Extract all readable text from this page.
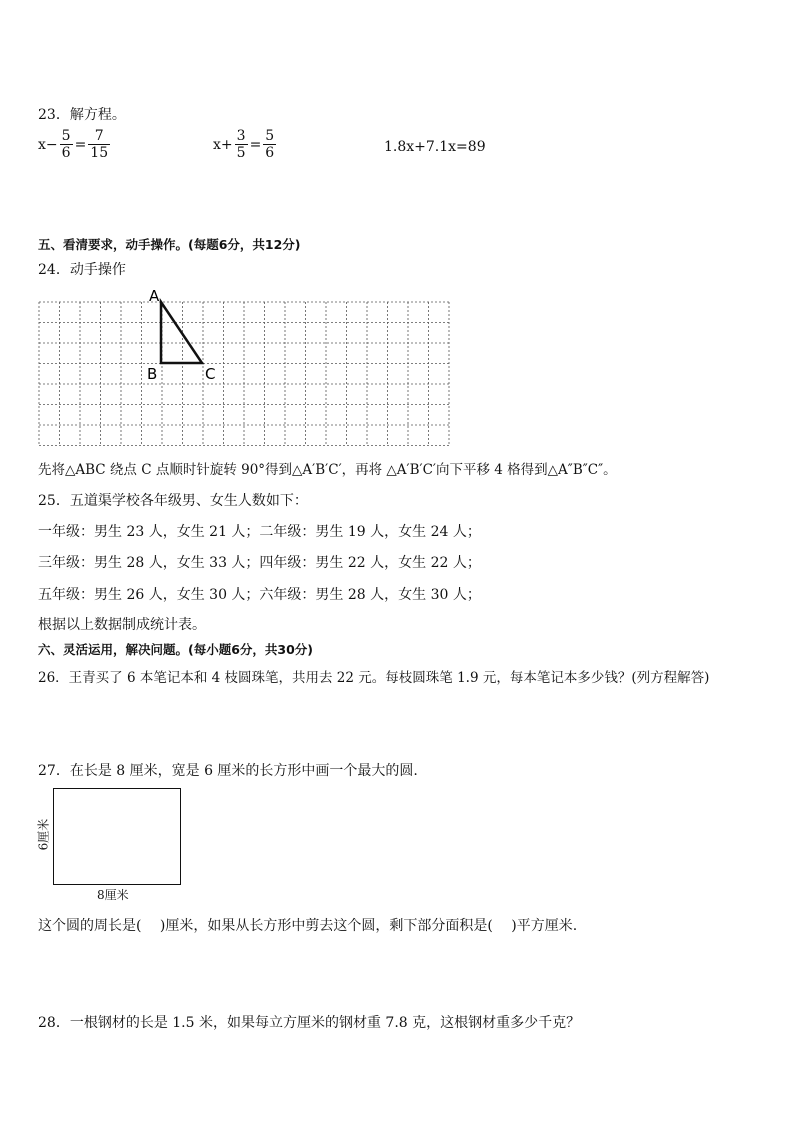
23．解方程。
$x- \frac{5}{6} = \frac{7}{15}$	$x+ \frac{3}{5} = \frac{5}{6}$	1.8x+7.1x=89
五、看清要求，动手操作。(每题6分，共12分)
24．动手操作
A
B	C
先将△ABC 绕点 C 点顺时针旋转 90°得到△A′B′C′，再将 △A′B′C′向下平移 4 格得到△A″B″C″。
25．五道渠学校各年级男、女生人数如下：
一年级：男生 23 人，女生 21 人；二年级：男生 19 人，女生 24 人；
三年级：男生 28 人，女生 33 人；四年级：男生 22 人，女生 22 人；
五年级：男生 26 人，女生 30 人；六年级：男生 28 人，女生 30 人；
根据以上数据制成统计表。
六、灵活运用，解决问题。(每小题6分，共30分)
26．王青买了 6 本笔记本和 4 枝圆珠笔，共用去 22 元。每枝圆珠笔 1.9 元，每本笔记本多少钱？(列方程解答)
27．在长是 8 厘米，宽是 6 厘米的长方形中画一个最大的圆.
6厘米
8厘米
这个圆的周长是(　 )厘米，如果从长方形中剪去这个圆，剩下部分面积是(　 )平方厘米.
28．一根钢材的长是 1.5 米，如果每立方厘米的钢材重 7.8 克，这根钢材重多少千克？
